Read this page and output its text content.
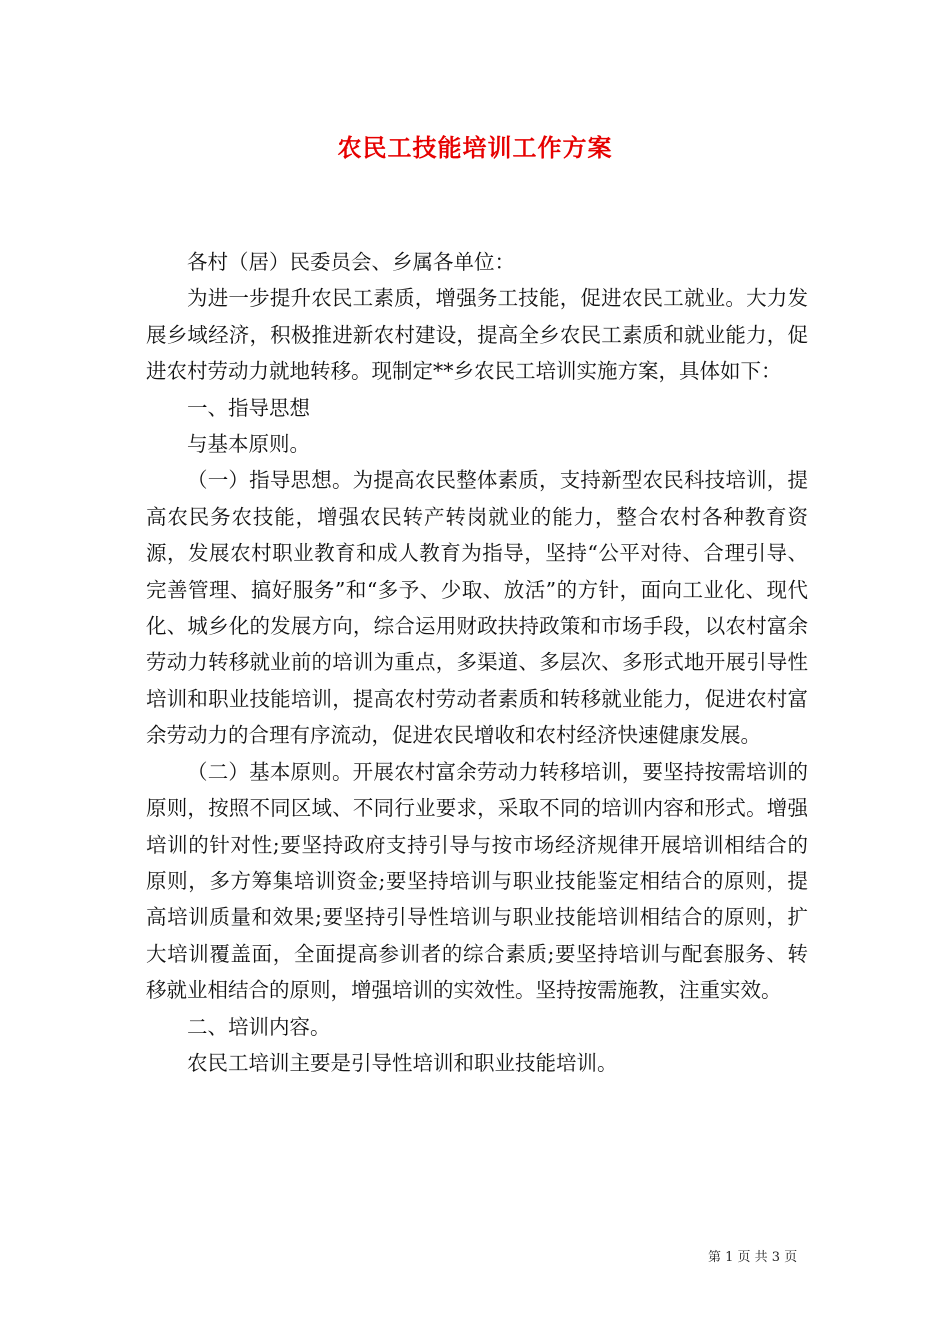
农民工技能培训工作方案

各村（居）民委员会、乡属各单位：

为进一步提升农民工素质，增强务工技能，促进农民工就业。大力发展乡域经济，积极推进新农村建设，提高全乡农民工素质和就业能力，促进农村劳动力就地转移。现制定**乡农民工培训实施方案，具体如下：

一、指导思想

与基本原则。

（一）指导思想。为提高农民整体素质，支持新型农民科技培训，提高农民务农技能，增强农民转产转岗就业的能力，整合农村各种教育资源，发展农村职业教育和成人教育为指导，坚持“公平对待、合理引导、完善管理、搞好服务”和“多予、少取、放活”的方针，面向工业化、现代化、城乡化的发展方向，综合运用财政扶持政策和市场手段，以农村富余劳动力转移就业前的培训为重点，多渠道、多层次、多形式地开展引导性培训和职业技能培训，提高农村劳动者素质和转移就业能力，促进农村富余劳动力的合理有序流动，促进农民增收和农村经济快速健康发展。

（二）基本原则。开展农村富余劳动力转移培训，要坚持按需培训的原则，按照不同区域、不同行业要求，采取不同的培训内容和形式。增强培训的针对性;要坚持政府支持引导与按市场经济规律开展培训相结合的原则，多方筹集培训资金;要坚持培训与职业技能鉴定相结合的原则，提高培训质量和效果;要坚持引导性培训与职业技能培训相结合的原则，扩大培训覆盖面，全面提高参训者的综合素质;要坚持培训与配套服务、转移就业相结合的原则，增强培训的实效性。坚持按需施教，注重实效。

二、培训内容。

农民工培训主要是引导性培训和职业技能培训。

第 1 页 共 3 页
